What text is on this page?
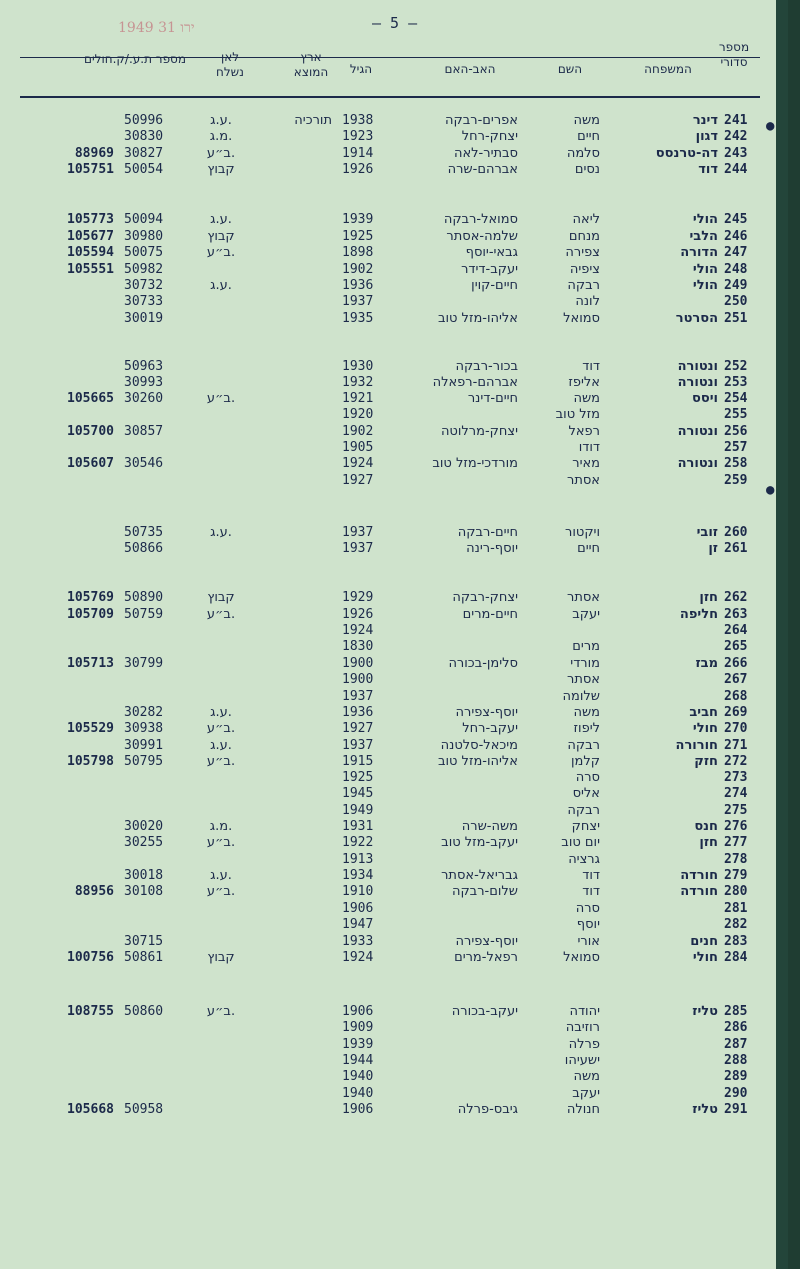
1949 ירו 31	— 5 —
מספר סדורי
המשפחה
השם
האב-האם
הגיל
ארץ המוצא
לאן נשלח
מספר ת.ע./ק.חולים
241
דינר
משה
אפרים-רבקה
1938
תורכיה
ע.ג.
50996
242
דגון
חיים
יצחק-רחל
1923
מ.ג.
30830
243
דה-טרנסס
סלמה
סבתיר-לאה
1914
ב״ע.
30827
88969
244
דוד
נסים
אברהם-שרה
1926
קבוץ
50054
105751
245
הולי
ליאה
סמואל-רבקה
1939
ע.ג.
50094
105773
246
הלבי
מנחם
שלמה-אסתר
1925
קבוץ
30980
105677
247
הדורה
צפירה
גבאי-יוסף
1898
ב״ע.
50075
105594
248
הולי
ציפיה
יעקב-דידר
1902
50982
105551
249
הולי
רבקה
חיים-קוין
1936
ע.ג.
30732
250
לונה
1937
30733
251
הסרטר
סמואל
אליהו-מזל טוב
1935
30019
252
ונטורה
דוד
בכור-רבקה
1930
50963
253
ונטורה
אליפז
אברהם-רפאלה
1932
30993
254
ויסס
משה
חיים-דינר
1921
ב״ע.
30260
105665
255
מזל טוב
1920
256
ונטורה
רפאל
יצחק-מרלוטה
1902
30857
105700
257
דודו
1905
258
ונטורה
מאיר
מורדכי-מזל טוב
1924
30546
105607
259
אסתר
1927
260
זובי
ויקטור
חיים-רבקה
1937
ע.ג.
50735
261
זן
חיים
יוסף-רינה
1937
50866
262
חזן
אסתר
יצחק-רבקה
1929
קבוץ
50890
105769
263
חליפה
יעקב
חיים-מרים
1926
ב״ע.
50759
105709
264
1924
265
מרים
1830
266
מבז
מורדי
סלימן-בכורה
1900
30799
105713
267
אסתר
1900
268
שלומה
1937
269
חביב
משה
יוסף-צפירה
1936
ע.ג.
30282
270
חולי
ליפוז
יעקב-רחל
1927
ב״ע.
30938
105529
271
חורורה
רבקה
מיכאל-סלטנה
1937
ע.ג.
30991
272
חזק
קלמן
אליהו-מזל טוב
1915
ב״ע.
50795
105798
273
סרה
1925
274
אליס
1945
275
רבקה
1949
276
חנס
יצחק
משה-שרה
1931
מ.ג.
30020
277
חזן
יום טוב
יעקב-מזל טוב
1922
ב״ע.
30255
278
גרציה
1913
279
חורדה
דוד
גבריאל-אסתר
1934
ע.ג.
30018
280
חורדה
דוד
שלום-רבקה
1910
ב״ע.
30108
88956
281
סרה
1906
282
יוסף
1947
283
חנים
אורי
יוסף-צפירה
1933
30715
284
חולי
סמואל
רפאל-מרים
1924
קבוץ
50861
100756
285
טליז
יהודה
יעקב-בכורה
1906
ב״ע.
50860
108755
286
רוזיבה
1909
287
פרלה
1939
288
ישעיהו
1944
289
משה
1940
290
יעקב
1940
291
טליז
חנולה
גיבס-פרלה
1906
50958
105668
●
●
